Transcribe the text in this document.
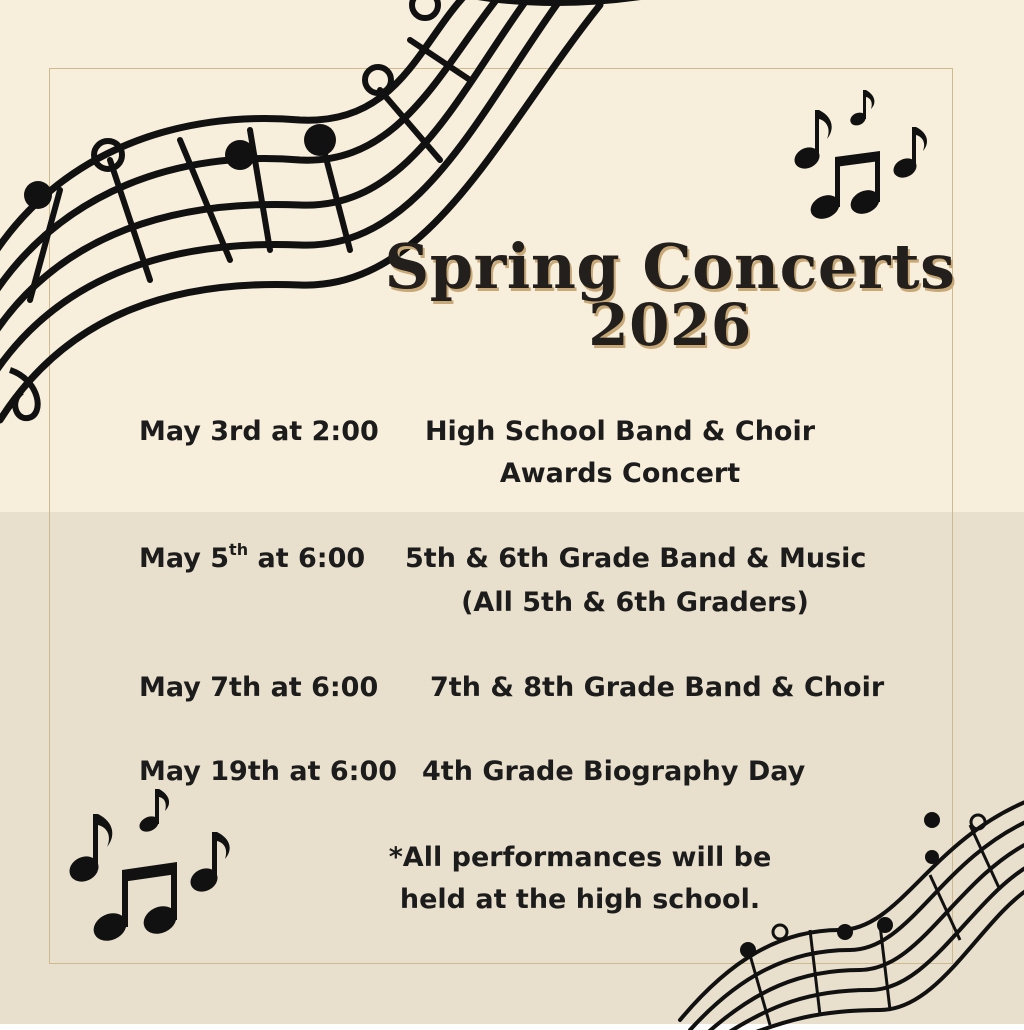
Spring Concerts
2026
May 3rd at 2:00	High School Band & Choir
Awards Concert
May 5th at 6:00 5th & 6th Grade Band & Music
(All 5th & 6th Graders)
May 7th at 6:00 7th & 8th Grade Band & Choir
May 19th at 6:00 4th Grade Biography Day
*All performances will be
held at the high school.
